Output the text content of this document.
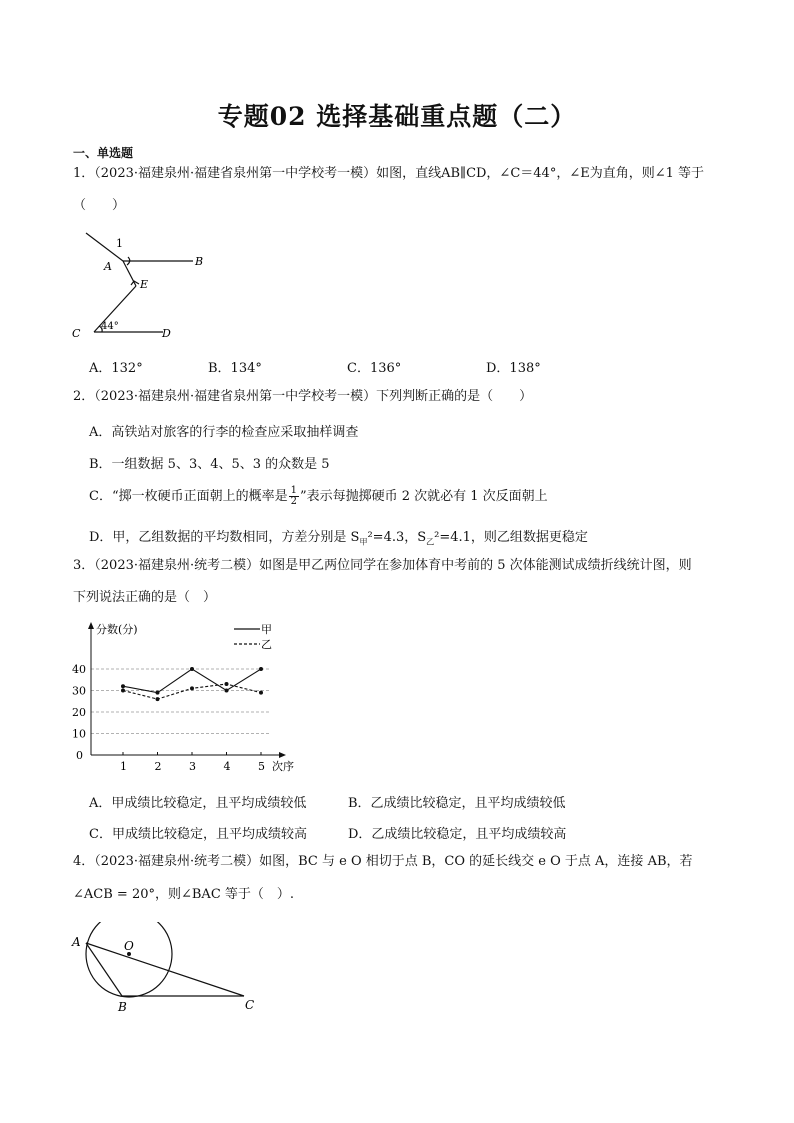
专题02 选择基础重点题（二）
一、单选题
1．（2023·福建泉州·福建省泉州第一中学校考一模）如图，直线AB∥CD，∠C＝44°，∠E为直角，则∠1 等于
（　　）
1
A	B
E
C
44°
D
A．132°	B．134°	C．136°	D．138°
2．（2023·福建泉州·福建省泉州第一中学校考一模）下列判断正确的是（　　）
A．高铁站对旅客的行李的检查应采取抽样调查
B．一组数据 5、3、4、5、3 的众数是 5
C．“掷一枚硬币正面朝上的概率是 $\frac{1}{2}$ ”表示每抛掷硬币 2 次就必有 1 次反面朝上
D．甲，乙组数据的平均数相同，方差分别是 $S_甲^2=4.3$，$S_乙^2=4.1$，则乙组数据更稳定
3．（2023·福建泉州·统考二模）如图是甲乙两位同学在参加体育中考前的 5 次体能测试成绩折线统计图，则
下列说法正确的是（　）
分数(分)
次序
甲
乙
0
10
20
30
40
1	2	3	4	5
A．甲成绩比较稳定，且平均成绩较低	B．乙成绩比较稳定，且平均成绩较低
C．甲成绩比较稳定，且平均成绩较高	D．乙成绩比较稳定，且平均成绩较高
4．（2023·福建泉州·统考二模）如图，BC 与 e O 相切于点 B，CO 的延长线交 e O 于点 A，连接 AB，若
∠ACB = 20°，则∠BAC 等于（　）.
A	O
B	C
